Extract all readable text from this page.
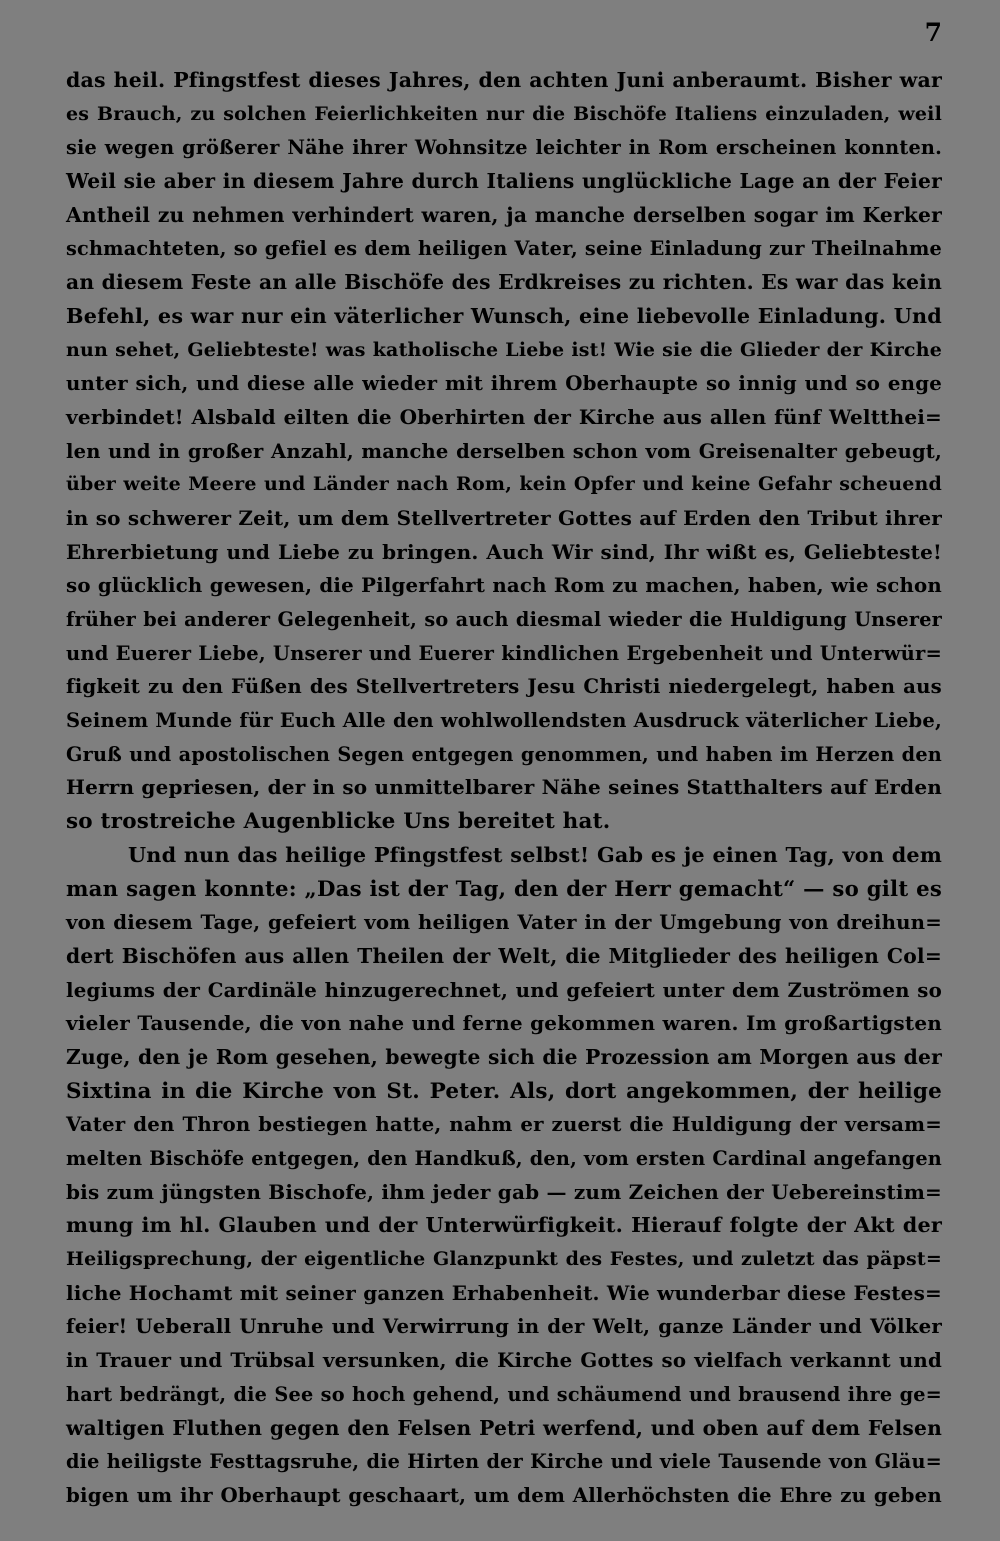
7
das heil. Pfingstfest dieses Jahres, den achten Juni anberaumt. Bisher war
es Brauch, zu solchen Feierlichkeiten nur die Bischöfe Italiens einzuladen, weil
sie wegen größerer Nähe ihrer Wohnsitze leichter in Rom erscheinen konnten.
Weil sie aber in diesem Jahre durch Italiens unglückliche Lage an der Feier
Antheil zu nehmen verhindert waren, ja manche derselben sogar im Kerker
schmachteten, so gefiel es dem heiligen Vater, seine Einladung zur Theilnahme
an diesem Feste an alle Bischöfe des Erdkreises zu richten. Es war das kein
Befehl, es war nur ein väterlicher Wunsch, eine liebevolle Einladung. Und
nun sehet, Geliebteste! was katholische Liebe ist! Wie sie die Glieder der Kirche
unter sich, und diese alle wieder mit ihrem Oberhaupte so innig und so enge
verbindet! Alsbald eilten die Oberhirten der Kirche aus allen fünf Weltthei=
len und in großer Anzahl, manche derselben schon vom Greisenalter gebeugt,
über weite Meere und Länder nach Rom, kein Opfer und keine Gefahr scheuend
in so schwerer Zeit, um dem Stellvertreter Gottes auf Erden den Tribut ihrer
Ehrerbietung und Liebe zu bringen. Auch Wir sind, Ihr wißt es, Geliebteste!
so glücklich gewesen, die Pilgerfahrt nach Rom zu machen, haben, wie schon
früher bei anderer Gelegenheit, so auch diesmal wieder die Huldigung Unserer
und Euerer Liebe, Unserer und Euerer kindlichen Ergebenheit und Unterwür=
figkeit zu den Füßen des Stellvertreters Jesu Christi niedergelegt, haben aus
Seinem Munde für Euch Alle den wohlwollendsten Ausdruck väterlicher Liebe,
Gruß und apostolischen Segen entgegen genommen, und haben im Herzen den
Herrn gepriesen, der in so unmittelbarer Nähe seines Statthalters auf Erden
so trostreiche Augenblicke Uns bereitet hat.
Und nun das heilige Pfingstfest selbst! Gab es je einen Tag, von dem
man sagen konnte: „Das ist der Tag, den der Herr gemacht“ — so gilt es
von diesem Tage, gefeiert vom heiligen Vater in der Umgebung von dreihun=
dert Bischöfen aus allen Theilen der Welt, die Mitglieder des heiligen Col=
legiums der Cardinäle hinzugerechnet, und gefeiert unter dem Zuströmen so
vieler Tausende, die von nahe und ferne gekommen waren. Im großartigsten
Zuge, den je Rom gesehen, bewegte sich die Prozession am Morgen aus der
Sixtina in die Kirche von St. Peter. Als, dort angekommen, der heilige
Vater den Thron bestiegen hatte, nahm er zuerst die Huldigung der versam=
melten Bischöfe entgegen, den Handkuß, den, vom ersten Cardinal angefangen
bis zum jüngsten Bischofe, ihm jeder gab — zum Zeichen der Uebereinstim=
mung im hl. Glauben und der Unterwürfigkeit. Hierauf folgte der Akt der
Heiligsprechung, der eigentliche Glanzpunkt des Festes, und zuletzt das päpst=
liche Hochamt mit seiner ganzen Erhabenheit. Wie wunderbar diese Festes=
feier! Ueberall Unruhe und Verwirrung in der Welt, ganze Länder und Völker
in Trauer und Trübsal versunken, die Kirche Gottes so vielfach verkannt und
hart bedrängt, die See so hoch gehend, und schäumend und brausend ihre ge=
waltigen Fluthen gegen den Felsen Petri werfend, und oben auf dem Felsen
die heiligste Festtagsruhe, die Hirten der Kirche und viele Tausende von Gläu=
bigen um ihr Oberhaupt geschaart, um dem Allerhöchsten die Ehre zu geben
